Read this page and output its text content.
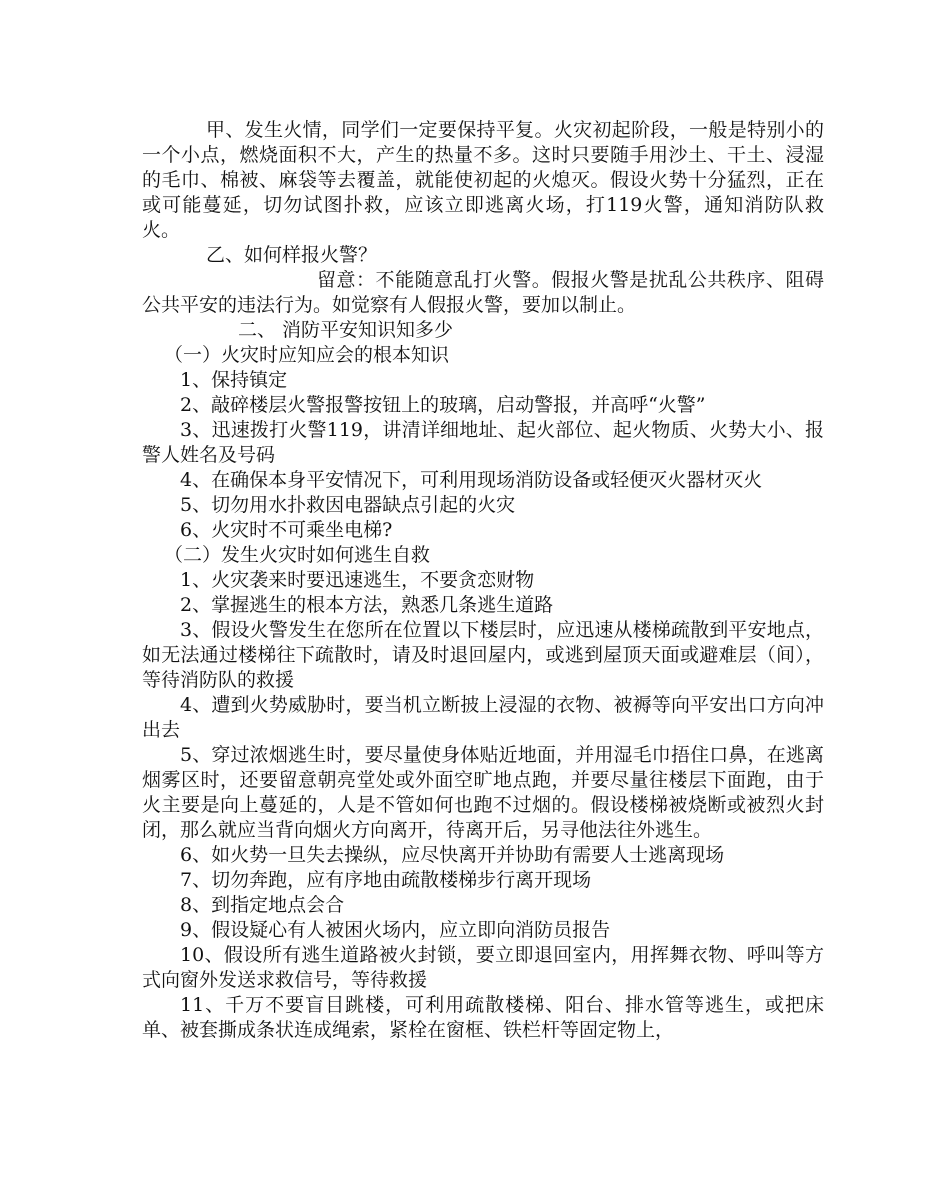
甲、发生火情，同学们一定要保持平复。火灾初起阶段，一般是特别小的一个小点，燃烧面积不大，产生的热量不多。这时只要随手用沙土、干土、浸湿的毛巾、棉被、麻袋等去覆盖，就能使初起的火熄灭。假设火势十分猛烈，正在或可能蔓延，切勿试图扑救，应该立即逃离火场，打119火警，通知消防队救火。

乙、如何样报火警？

留意：不能随意乱打火警。假报火警是扰乱公共秩序、阻碍公共平安的违法行为。如觉察有人假报火警，要加以制止。

二、 消防平安知识知多少

（一）火灾时应知应会的根本知识

1、保持镇定

2、敲碎楼层火警报警按钮上的玻璃，启动警报，并高呼“火警”

3、迅速拨打火警119，讲清详细地址、起火部位、起火物质、火势大小、报警人姓名及号码

4、在确保本身平安情况下，可利用现场消防设备或轻便灭火器材灭火

5、切勿用水扑救因电器缺点引起的火灾

6、火灾时不可乘坐电梯?

（二）发生火灾时如何逃生自救

1、火灾袭来时要迅速逃生，不要贪恋财物

2、掌握逃生的根本方法，熟悉几条逃生道路

3、假设火警发生在您所在位置以下楼层时，应迅速从楼梯疏散到平安地点，如无法通过楼梯往下疏散时，请及时退回屋内，或逃到屋顶天面或避难层（间），等待消防队的救援

4、遭到火势威胁时，要当机立断披上浸湿的衣物、被褥等向平安出口方向冲出去

5、穿过浓烟逃生时，要尽量使身体贴近地面，并用湿毛巾捂住口鼻，在逃离烟雾区时，还要留意朝亮堂处或外面空旷地点跑，并要尽量往楼层下面跑，由于火主要是向上蔓延的，人是不管如何也跑不过烟的。假设楼梯被烧断或被烈火封闭，那么就应当背向烟火方向离开，待离开后，另寻他法往外逃生。

6、如火势一旦失去操纵，应尽快离开并协助有需要人士逃离现场

7、切勿奔跑，应有序地由疏散楼梯步行离开现场

8、到指定地点会合

9、假设疑心有人被困火场内，应立即向消防员报告

10、假设所有逃生道路被火封锁，要立即退回室内，用挥舞衣物、呼叫等方式向窗外发送求救信号，等待救援

11、千万不要盲目跳楼，可利用疏散楼梯、阳台、排水管等逃生，或把床单、被套撕成条状连成绳索，紧栓在窗框、铁栏杆等固定物上，
